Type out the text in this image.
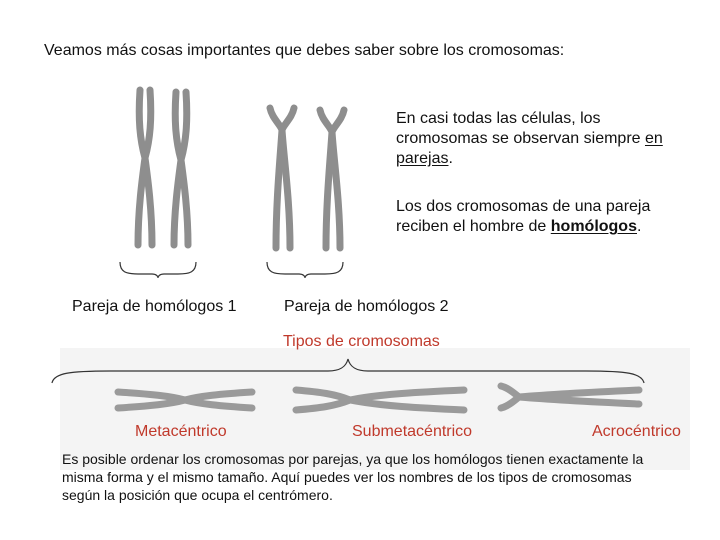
Veamos más cosas importantes que debes saber sobre los cromosomas:
En casi todas las células, los cromosomas se observan siempre en parejas.
Los dos cromosomas de una pareja reciben el hombre de homólogos.
Pareja de homólogos 1	Pareja de homólogos 2
Tipos de cromosomas
Metacéntrico	Submetacéntrico	Acrocéntrico
Es posible ordenar los cromosomas por parejas, ya que los homólogos tienen exactamente la misma forma y el mismo tamaño. Aquí puedes ver los nombres de los tipos de cromosomas según la posición que ocupa el centrómero.
